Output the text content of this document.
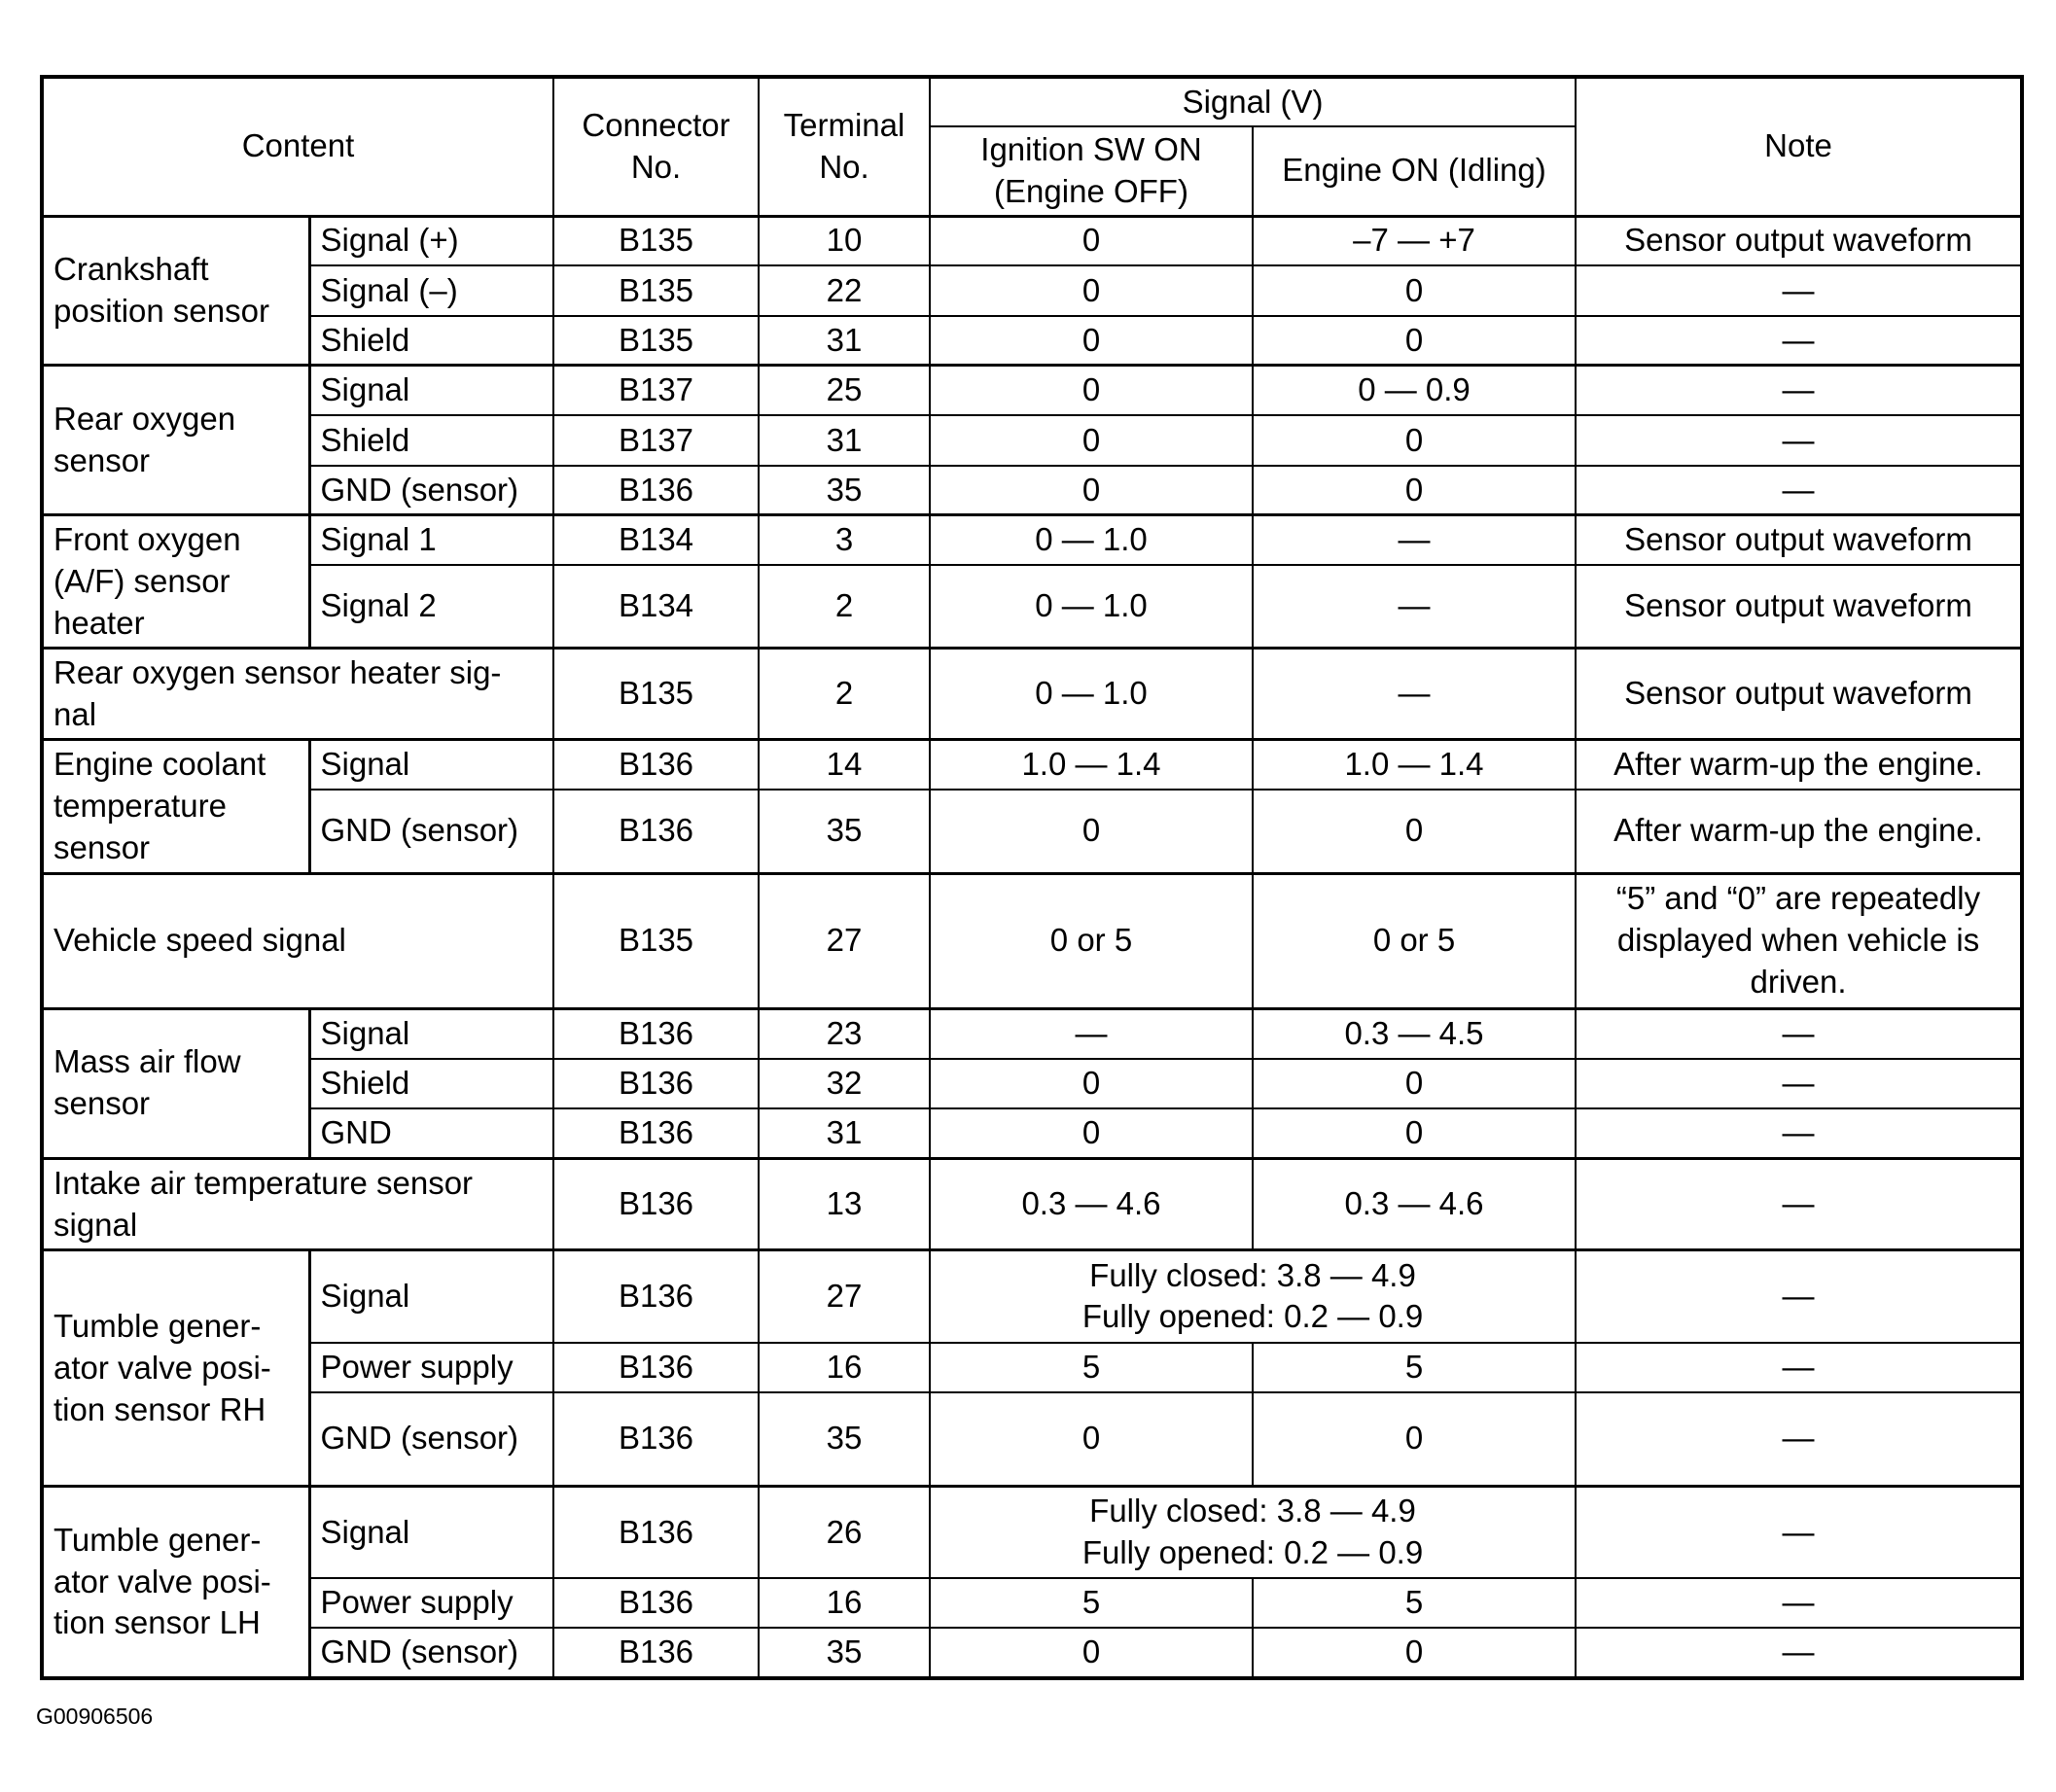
Content		Connector No.	Terminal No.	Signal (V)		Note
				Ignition SW ON (Engine OFF)	Engine ON (Idling)	
Crankshaft position sensor	Signal (+)	B135	10	0	–7 — +7	Sensor output waveform
	Signal (–)	B135	22	0	0	—
	Shield	B135	31	0	0	—
Rear oxygen sensor	Signal	B137	25	0	0 — 0.9	—
	Shield	B137	31	0	0	—
	GND (sensor)	B136	35	0	0	—
Front oxygen (A/F) sensor heater	Signal 1	B134	3	0 — 1.0	—	Sensor output waveform
	Signal 2	B134	2	0 — 1.0	—	Sensor output waveform
Rear oxygen sensor heater sig-nal		B135	2	0 — 1.0	—	Sensor output waveform
Engine coolant temperature sensor	Signal	B136	14	1.0 — 1.4	1.0 — 1.4	After warm-up the engine.
	GND (sensor)	B136	35	0	0	After warm-up the engine.
Vehicle speed signal		B135	27	0 or 5	0 or 5	“5” and “0” are repeatedly displayed when vehicle is driven.
Mass air flow sensor	Signal	B136	23	—	0.3 — 4.5	—
	Shield	B136	32	0	0	—
	GND	B136	31	0	0	—
Intake air temperature sensor signal		B136	13	0.3 — 4.6	0.3 — 4.6	—
Tumble gener-ator valve posi-tion sensor RH	Signal	B136	27	Fully closed: 3.8 — 4.9
Fully opened: 0.2 — 0.9		—
	Power supply	B136	16	5	5	—
	GND (sensor)	B136	35	0	0	—
Tumble gener-ator valve posi-tion sensor LH	Signal	B136	26	Fully closed: 3.8 — 4.9
Fully opened: 0.2 — 0.9		—
	Power supply	B136	16	5	5	—
	GND (sensor)	B136	35	0	0	—
G00906506
